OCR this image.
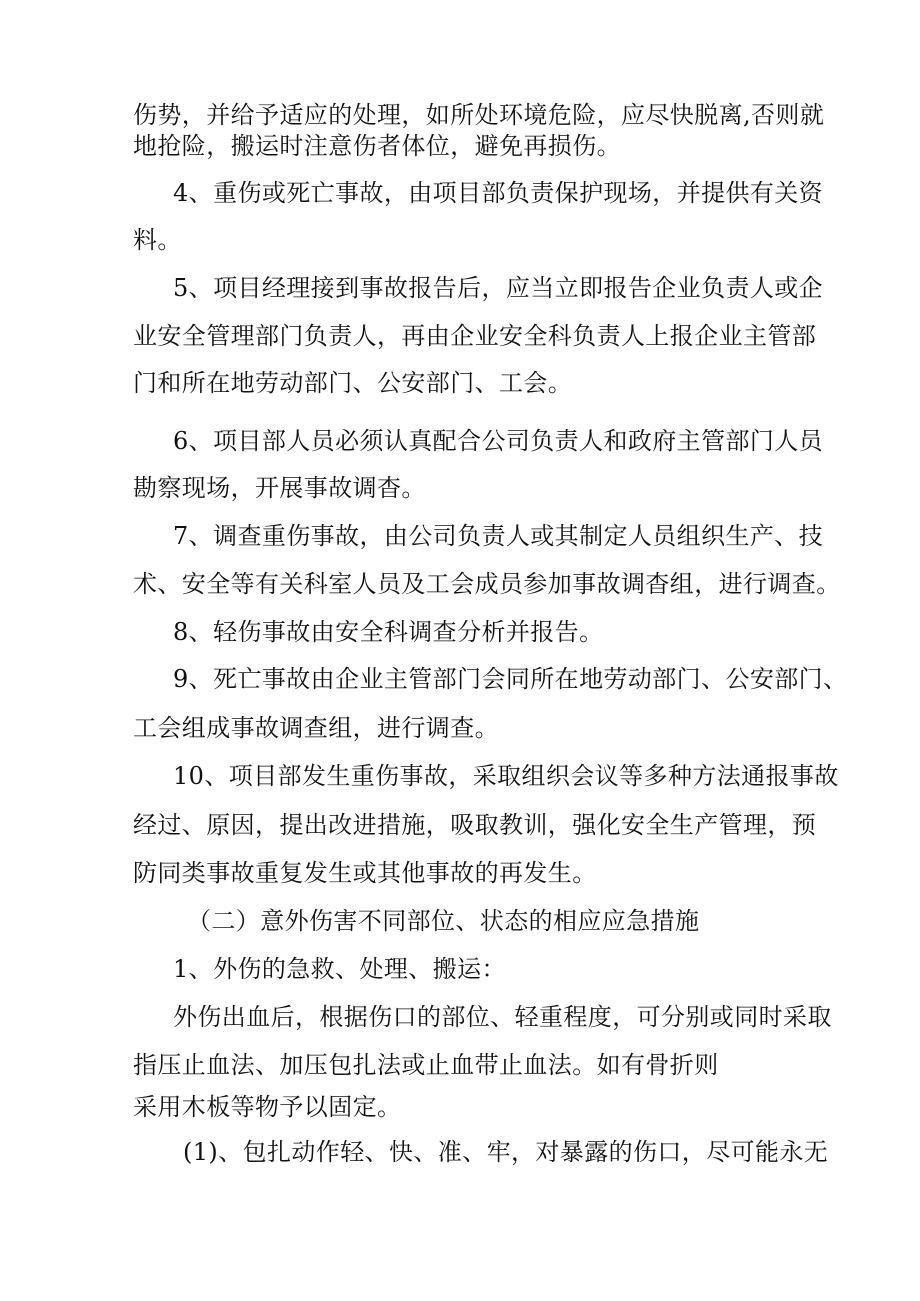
伤势，并给予适应的处理，如所处环境危险，应尽快脱离,否则就
地抢险，搬运时注意伤者体位，避免再损伤。
4、重伤或死亡事故，由项目部负责保护现场，并提供有关资
料。
5、项目经理接到事故报告后，应当立即报告企业负责人或企
业安全管理部门负责人，再由企业安全科负责人上报企业主管部
门和所在地劳动部门、公安部门、工会。
6、项目部人员必须认真配合公司负责人和政府主管部门人员
勘察现场，开展事故调杳。
7、调查重伤事故，由公司负责人或其制定人员组织生产、技
术、安全等有关科室人员及工会成员参加事故调杳组，进行调查。
8、轻伤事故由安全科调查分析并报告。
9、死亡事故由企业主管部门会同所在地劳动部门、公安部门、
工会组成事故调查组，进行调查。
10、项目部发生重伤事故，采取组织会议等多种方法通报事故
经过、原因，提出改进措施，吸取教训，强化安全生产管理，预
防同类事故重复发生或其他事故的再发生。
（二）意外伤害不同部位、状态的相应应急措施
1、外伤的急救、处理、搬运：
外伤出血后，根据伤口的部位、轻重程度，可分别或同时采取
指压止血法、加压包扎法或止血带止血法。如有骨折则
采用木板等物予以固定。
(1)、包扎动作轻、快、准、牢，对暴露的伤口，尽可能永无
